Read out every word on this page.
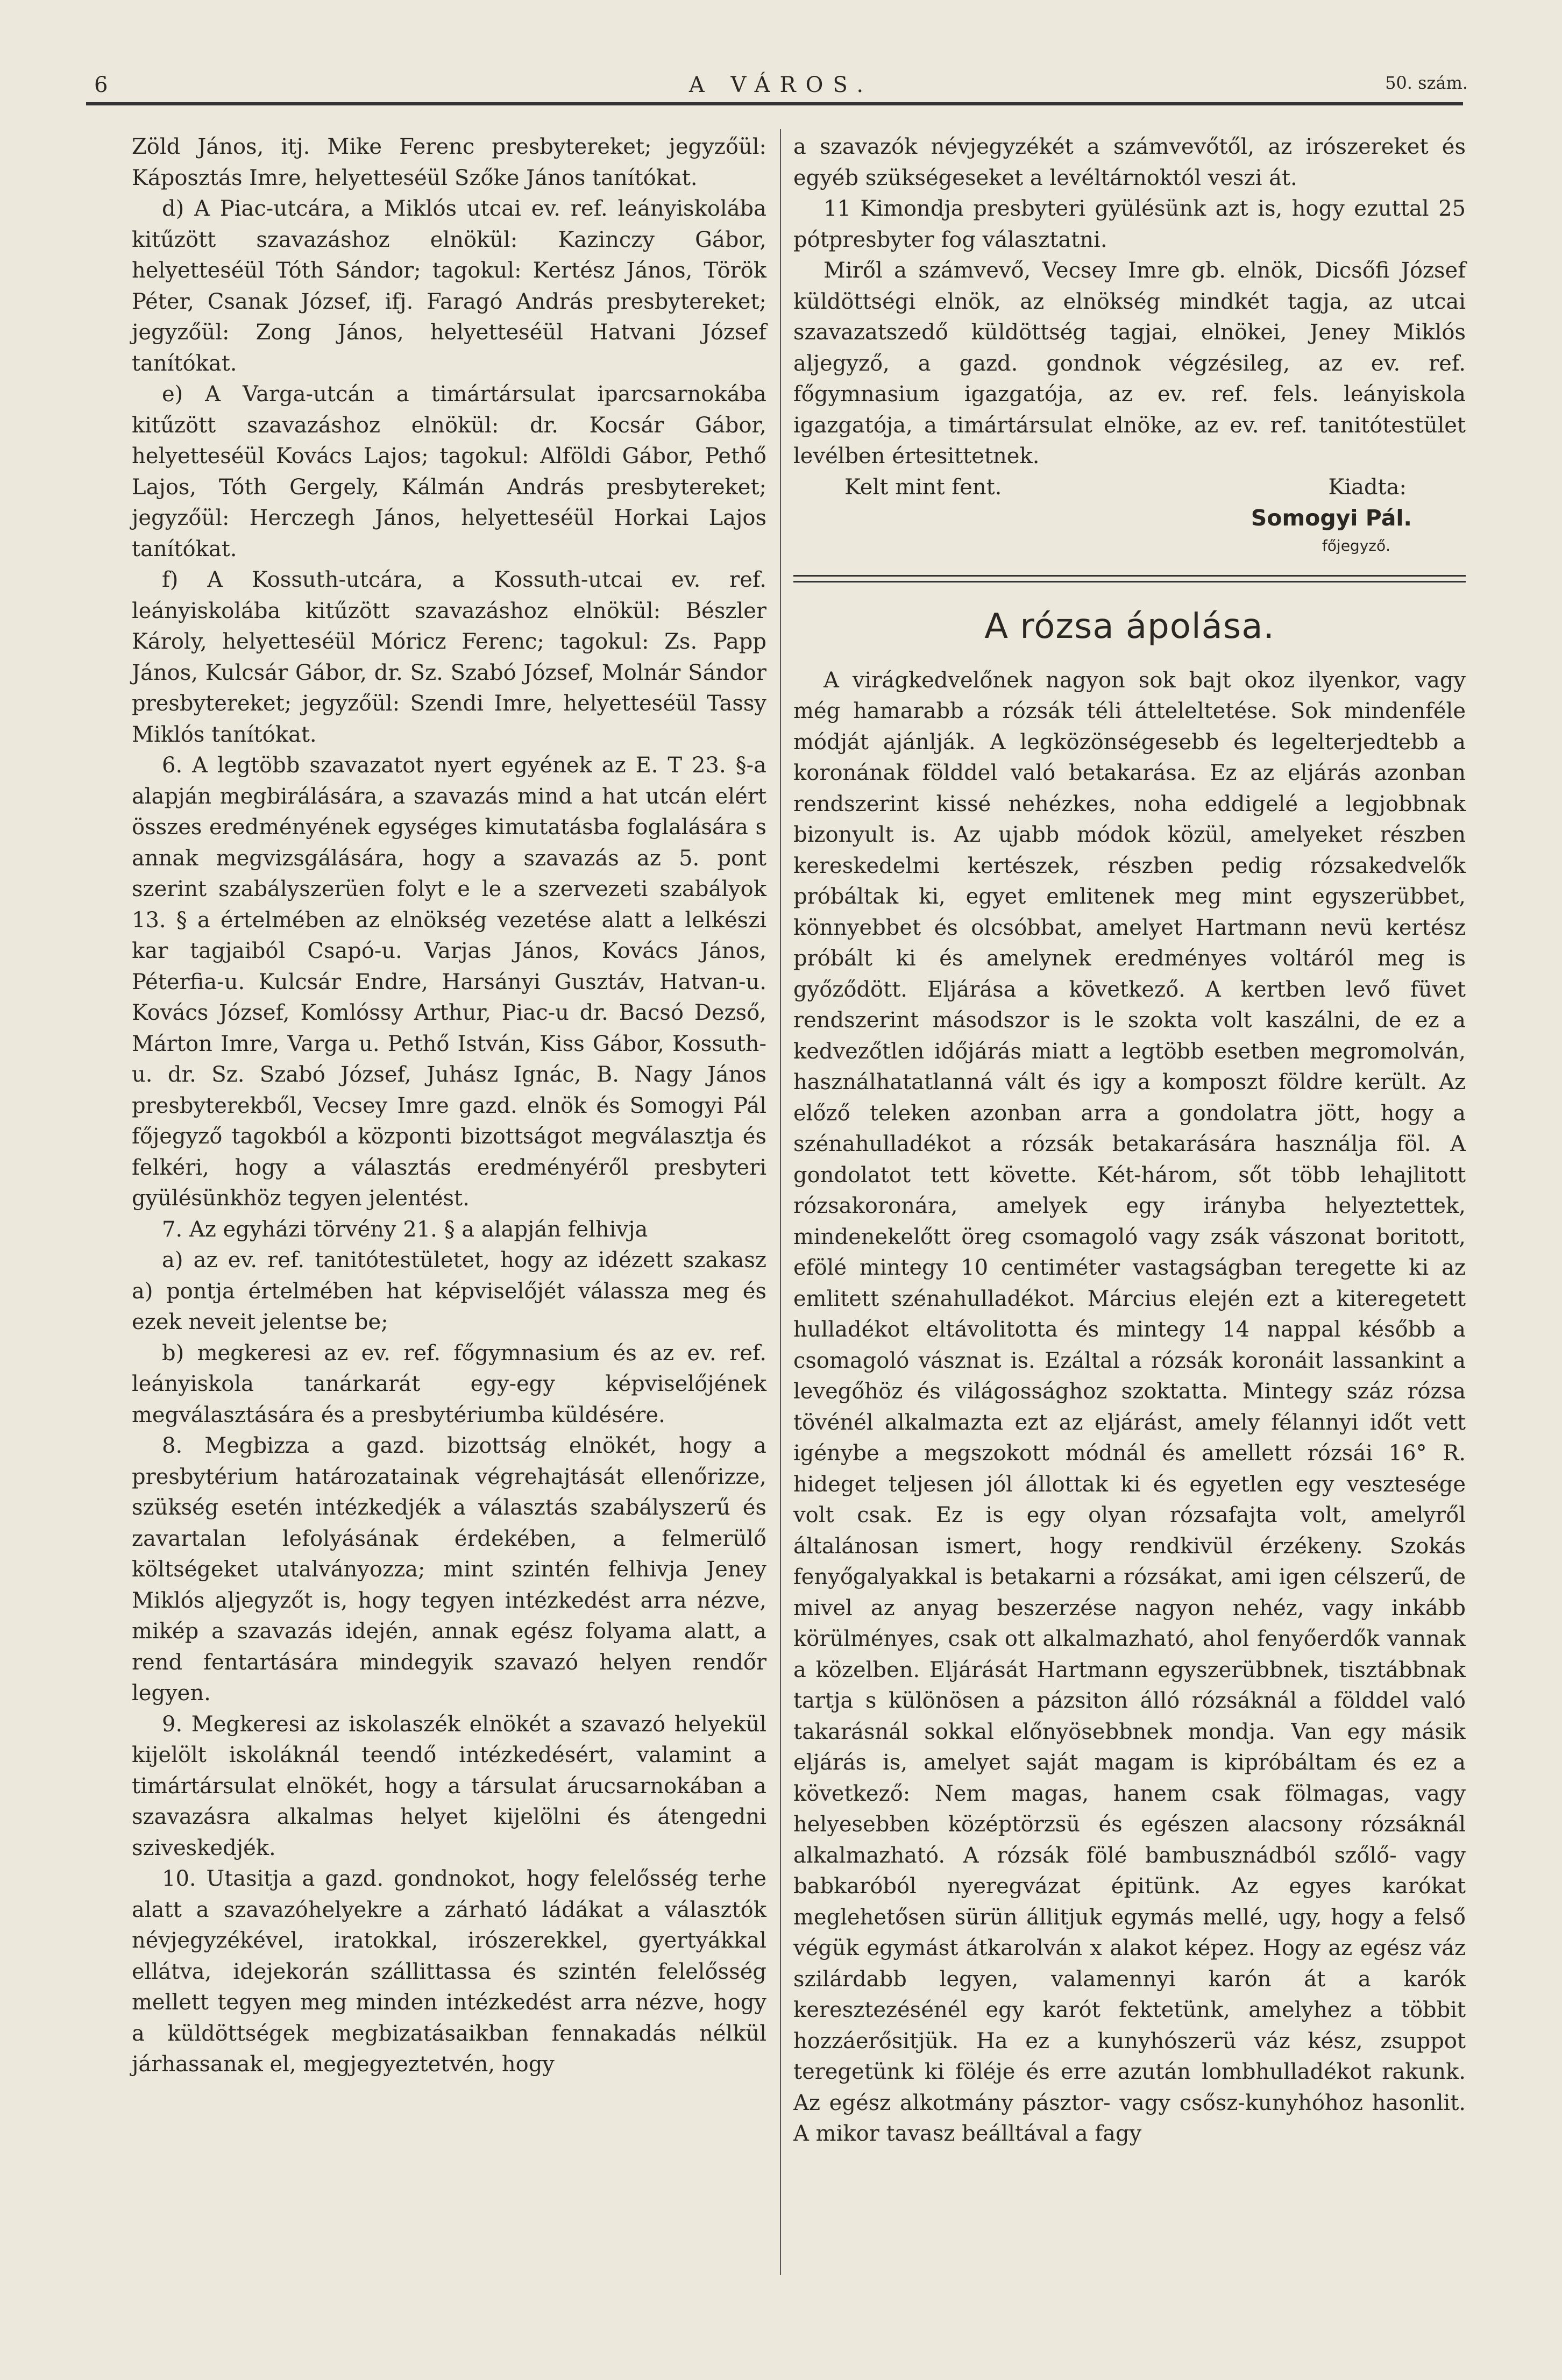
6	A VÁROS.	50. szám.

Zöld János, itj. Mike Ferenc presbytereket; jegyzőül: Káposztás Imre, helyetteséül Szőke János tanítókat.

d) A Piac-utcára, a Miklós utcai ev. ref. leányiskolába kitűzött szavazáshoz elnökül: Kazinczy Gábor, helyetteséül Tóth Sándor; tagokul: Kertész János, Török Péter, Csanak József, ifj. Faragó András presbytereket; jegyzőül: Zong János, helyetteséül Hatvani József tanítókat.

e) A Varga-utcán a timártársulat iparcsarnokába kitűzött szavazáshoz elnökül: dr. Kocsár Gábor, helyetteséül Kovács Lajos; tagokul: Alföldi Gábor, Pethő Lajos, Tóth Gergely, Kálmán András presbytereket; jegyzőül: Herczegh János, helyetteséül Horkai Lajos tanítókat.

f) A Kossuth-utcára, a Kossuth-utcai ev. ref. leányiskolába kitűzött szavazáshoz elnökül: Bészler Károly, helyetteséül Móricz Ferenc; tagokul: Zs. Papp János, Kulcsár Gábor, dr. Sz. Szabó József, Molnár Sándor presbytereket; jegyzőül: Szendi Imre, helyetteséül Tassy Miklós tanítókat.

6. A legtöbb szavazatot nyert egyének az E. T 23. §-a alapján megbirálására, a szavazás mind a hat utcán elért összes eredményének egységes kimutatásba foglalására s annak megvizsgálására, hogy a szavazás az 5. pont szerint szabályszerüen folyt e le a szervezeti szabályok 13. § a értelmében az elnökség vezetése alatt a lelkészi kar tagjaiból Csapó-u. Varjas János, Kovács János, Péterfia-u. Kulcsár Endre, Harsányi Gusztáv, Hatvan-u. Kovács József, Komlóssy Arthur, Piac-u dr. Bacsó Dezső, Márton Imre, Varga u. Pethő István, Kiss Gábor, Kossuth-u. dr. Sz. Szabó József, Juhász Ignác, B. Nagy János presbyterekből, Vecsey Imre gazd. elnök és Somogyi Pál főjegyző tagokból a központi bizottságot megválasztja és felkéri, hogy a választás eredményéről presbyteri gyülésünkhöz tegyen jelentést.

7. Az egyházi törvény 21. § a alapján felhivja

a) az ev. ref. tanitótestületet, hogy az idézett szakasz a) pontja értelmében hat képviselőjét válassza meg és ezek neveit jelentse be;

b) megkeresi az ev. ref. főgymnasium és az ev. ref. leányiskola tanárkarát egy-egy képviselőjének megválasztására és a presbytériumba küldésére.

8. Megbizza a gazd. bizottság elnökét, hogy a presbytérium határozatainak végrehajtását ellenőrizze, szükség esetén intézkedjék a választás szabályszerű és zavartalan lefolyásának érdekében, a felmerülő költségeket utalványozza; mint szintén felhivja Jeney Miklós aljegyzőt is, hogy tegyen intézkedést arra nézve, mikép a szavazás idején, annak egész folyama alatt, a rend fentartására mindegyik szavazó helyen rendőr legyen.

9. Megkeresi az iskolaszék elnökét a szavazó helyekül kijelölt iskoláknál teendő intézkedésért, valamint a timártársulat elnökét, hogy a társulat árucsarnokában a szavazásra alkalmas helyet kijelölni és átengedni sziveskedjék.

10. Utasitja a gazd. gondnokot, hogy felelősség terhe alatt a szavazóhelyekre a zárható ládákat a választók névjegyzékével, iratokkal, irószerekkel, gyertyákkal ellátva, idejekorán szállittassa és szintén felelősség mellett tegyen meg minden intézkedést arra nézve, hogy a küldöttségek megbizatásaikban fennakadás nélkül járhassanak el, megjegyeztetvén, hogy

a szavazók névjegyzékét a számvevőtől, az irószereket és egyéb szükségeseket a levéltárnoktól veszi át.

11 Kimondja presbyteri gyülésünk azt is, hogy ezuttal 25 pótpresbyter fog választatni.

Miről a számvevő, Vecsey Imre gb. elnök, Dicsőfi József küldöttségi elnök, az elnökség mindkét tagja, az utcai szavazatszedő küldöttség tagjai, elnökei, Jeney Miklós aljegyző, a gazd. gondnok végzésileg, az ev. ref. főgymnasium igazgatója, az ev. ref. fels. leányiskola igazgatója, a timártársulat elnöke, az ev. ref. tanitótestület levélben értesittetnek.

Kelt mint fent.	Kiadta:
Somogyi Pál.
főjegyző.
A rózsa ápolása.

A virágkedvelőnek nagyon sok bajt okoz ilyenkor, vagy még hamarabb a rózsák téli átteleltetése. Sok mindenféle módját ajánlják. A legközönségesebb és legelterjedtebb a koronának földdel való betakarása. Ez az eljárás azonban rendszerint kissé nehézkes, noha eddigelé a legjobbnak bizonyult is. Az ujabb módok közül, amelyeket részben kereskedelmi kertészek, részben pedig rózsakedvelők próbáltak ki, egyet emlitenek meg mint egyszerübbet, könnyebbet és olcsóbbat, amelyet Hartmann nevü kertész próbált ki és amelynek eredményes voltáról meg is győződött. Eljárása a következő. A kertben levő füvet rendszerint másodszor is le szokta volt kaszálni, de ez a kedvezőtlen időjárás miatt a legtöbb esetben megromolván, használhatatlanná vált és igy a komposzt földre került. Az előző teleken azonban arra a gondolatra jött, hogy a szénahulladékot a rózsák betakarására használja föl. A gondolatot tett követte. Két-három, sőt több lehajlitott rózsakoronára, amelyek egy irányba helyeztettek, mindenekelőtt öreg csomagoló vagy zsák vászonat boritott, efölé mintegy 10 centiméter vastagságban teregette ki az emlitett szénahulladékot. Március elején ezt a kiteregetett hulladékot eltávolitotta és mintegy 14 nappal később a csomagoló vásznat is. Ezáltal a rózsák koronáit lassankint a levegőhöz és világossághoz szoktatta. Mintegy száz rózsa tövénél alkalmazta ezt az eljárást, amely félannyi időt vett igénybe a megszokott módnál és amellett rózsái 16° R. hideget teljesen jól állottak ki és egyetlen egy vesztesége volt csak. Ez is egy olyan rózsafajta volt, amelyről általánosan ismert, hogy rendkivül érzékeny. Szokás fenyőgalyakkal is betakarni a rózsákat, ami igen célszerű, de mivel az anyag beszerzése nagyon nehéz, vagy inkább körülményes, csak ott alkalmazható, ahol fenyőerdők vannak a közelben. Eljárását Hartmann egyszerübbnek, tisztábbnak tartja s különösen a pázsiton álló rózsáknál a földdel való takarásnál sokkal előnyösebbnek mondja. Van egy másik eljárás is, amelyet saját magam is kipróbáltam és ez a következő: Nem magas, hanem csak fölmagas, vagy helyesebben középtörzsü és egészen alacsony rózsáknál alkalmazható. A rózsák fölé bambusznádból szőlő- vagy babkaróból nyeregvázat épitünk. Az egyes karókat meglehetősen sürün állitjuk egymás mellé, ugy, hogy a felső végük egymást átkarolván x alakot képez. Hogy az egész váz szilárdabb legyen, valamennyi karón át a karók keresztezésénél egy karót fektetünk, amelyhez a többit hozzáerősitjük. Ha ez a kunyhószerü váz kész, zsuppot teregetünk ki föléje és erre azután lombhulladékot rakunk. Az egész alkotmány pásztor- vagy csősz-kunyhóhoz hasonlit. A mikor tavasz beálltával a fagy
